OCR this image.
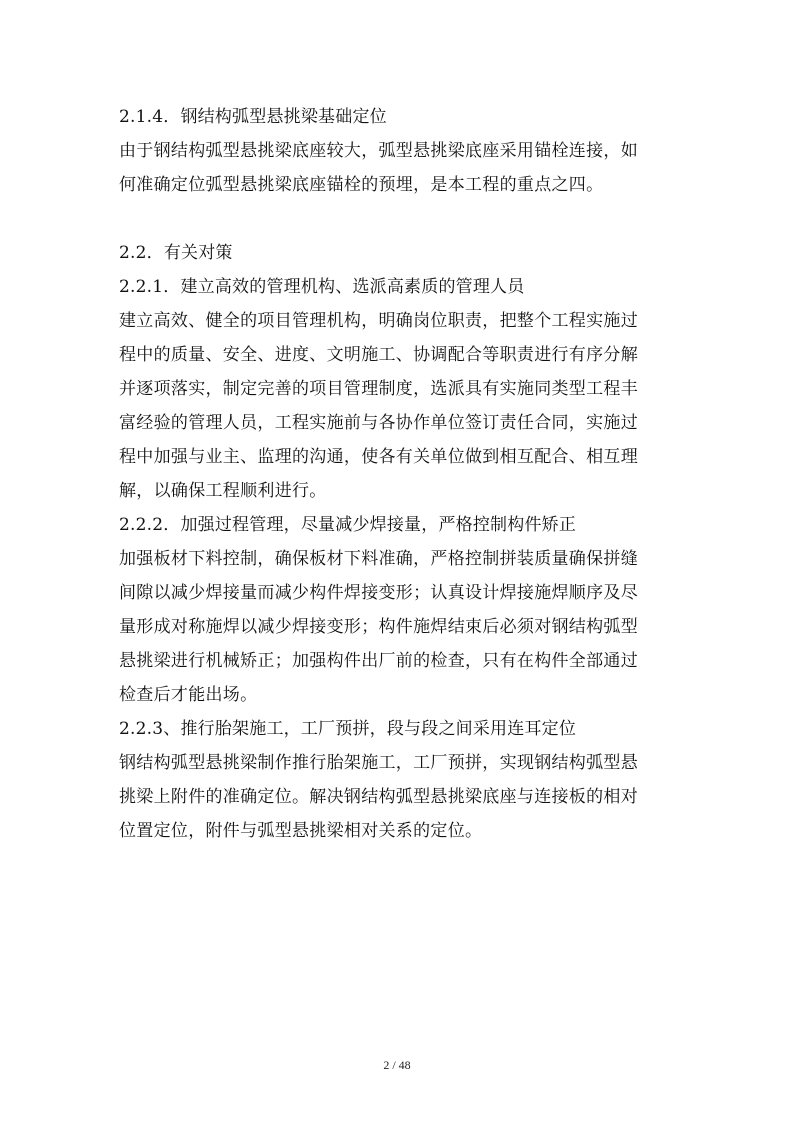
2.1.4．钢结构弧型悬挑梁基础定位
由于钢结构弧型悬挑梁底座较大，弧型悬挑梁底座采用锚栓连接，如
何准确定位弧型悬挑梁底座锚栓的预埋，是本工程的重点之四。
2.2．有关对策
2.2.1．建立高效的管理机构、选派高素质的管理人员
建立高效、健全的项目管理机构，明确岗位职责，把整个工程实施过
程中的质量、安全、进度、文明施工、协调配合等职责进行有序分解
并逐项落实，制定完善的项目管理制度，选派具有实施同类型工程丰
富经验的管理人员，工程实施前与各协作单位签订责任合同，实施过
程中加强与业主、监理的沟通，使各有关单位做到相互配合、相互理
解，以确保工程顺利进行。
2.2.2．加强过程管理，尽量减少焊接量，严格控制构件矫正
加强板材下料控制，确保板材下料准确，严格控制拼装质量确保拼缝
间隙以减少焊接量而减少构件焊接变形；认真设计焊接施焊顺序及尽
量形成对称施焊以减少焊接变形；构件施焊结束后必须对钢结构弧型
悬挑梁进行机械矫正；加强构件出厂前的检查，只有在构件全部通过
检查后才能出场。
2.2.3、推行胎架施工，工厂预拼，段与段之间采用连耳定位
钢结构弧型悬挑梁制作推行胎架施工，工厂预拼，实现钢结构弧型悬
挑梁上附件的准确定位。解决钢结构弧型悬挑梁底座与连接板的相对
位置定位，附件与弧型悬挑梁相对关系的定位。
2 / 48
